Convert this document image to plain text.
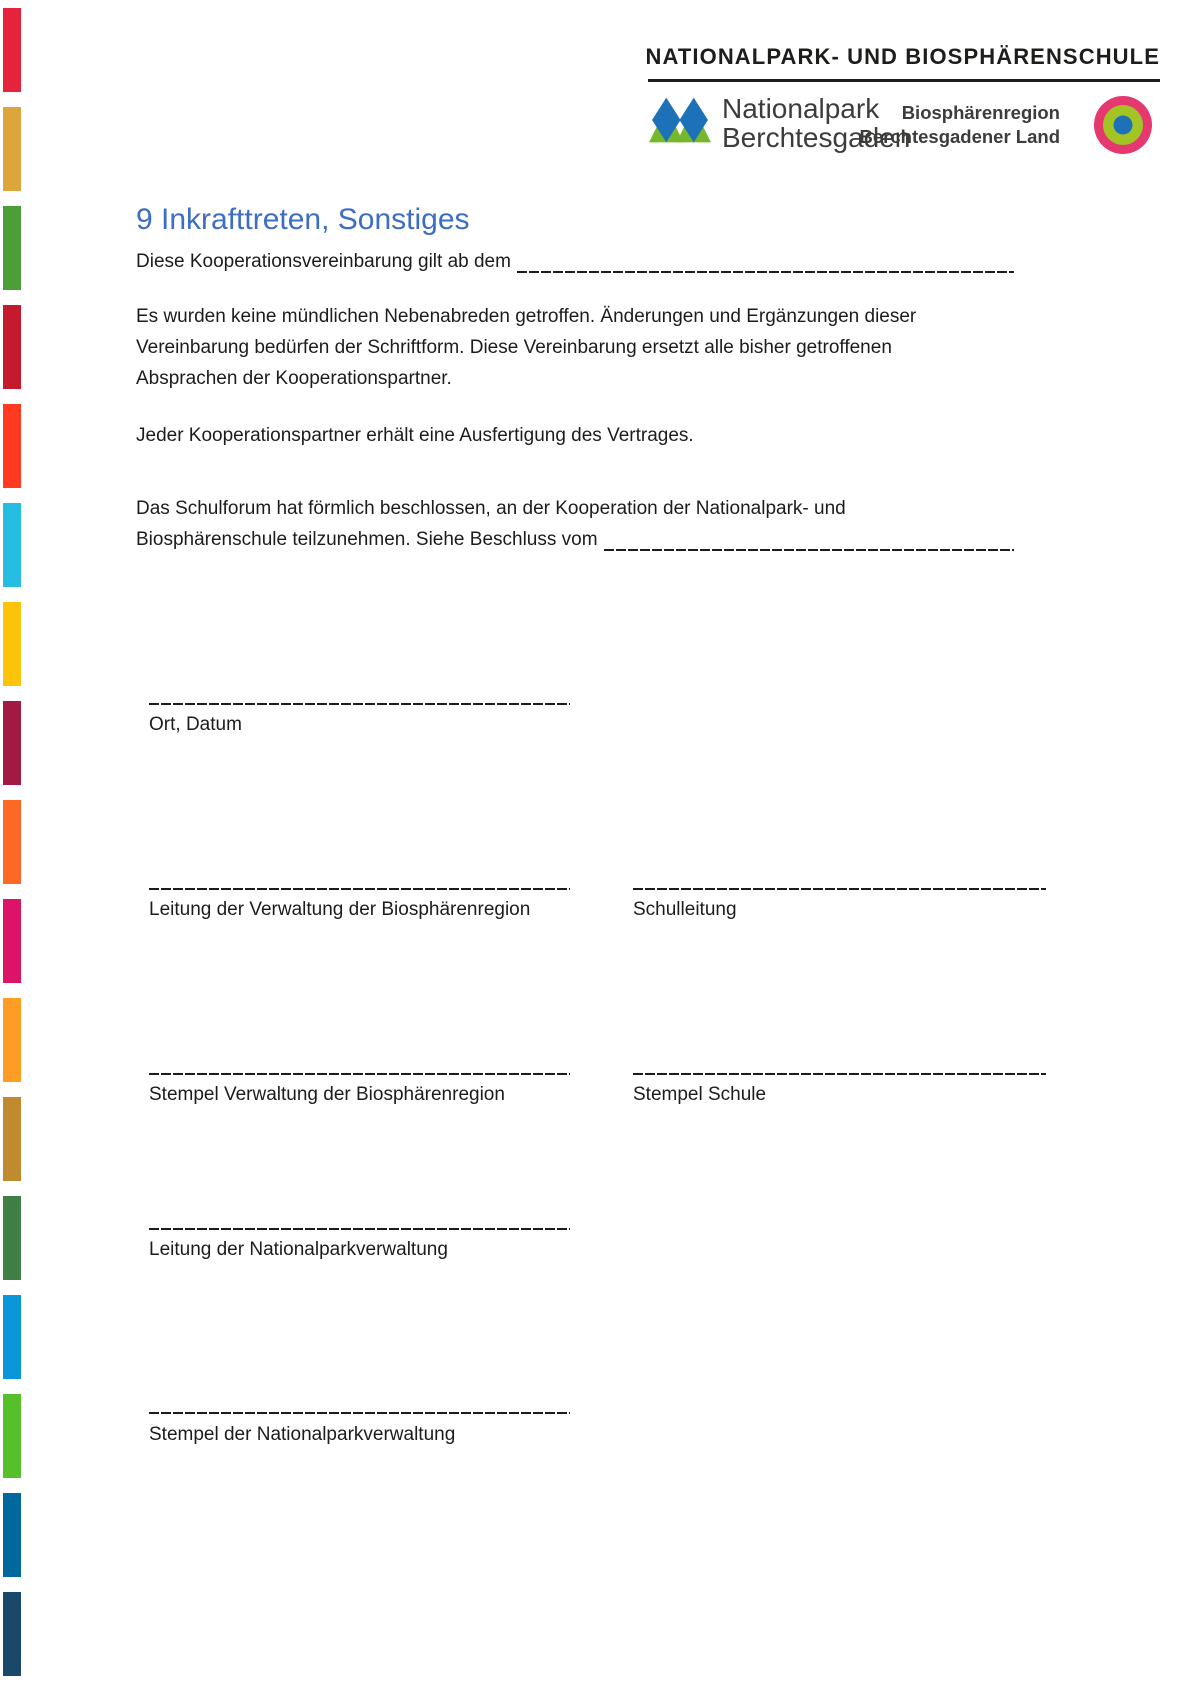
NATIONALPARK- UND BIOSPHÄRENSCHULE
Nationalpark
Berchtesgaden
Biosphärenregion
Berchtesgadener Land
9 Inkrafttreten, Sonstiges
Diese Kooperationsvereinbarung gilt ab dem
Es wurden keine mündlichen Nebenabreden getroffen. Änderungen und Ergänzungen dieser
Vereinbarung bedürfen der Schriftform. Diese Vereinbarung ersetzt alle bisher getroffenen
Absprachen der Kooperationspartner.
Jeder Kooperationspartner erhält eine Ausfertigung des Vertrages.
Das Schulforum hat förmlich beschlossen, an der Kooperation der Nationalpark- und
Biosphärenschule teilzunehmen. Siehe Beschluss vom
Ort, Datum
Leitung der Verwaltung der Biosphärenregion	Schulleitung
Stempel Verwaltung der Biosphärenregion	Stempel Schule
Leitung der Nationalparkverwaltung
Stempel der Nationalparkverwaltung
